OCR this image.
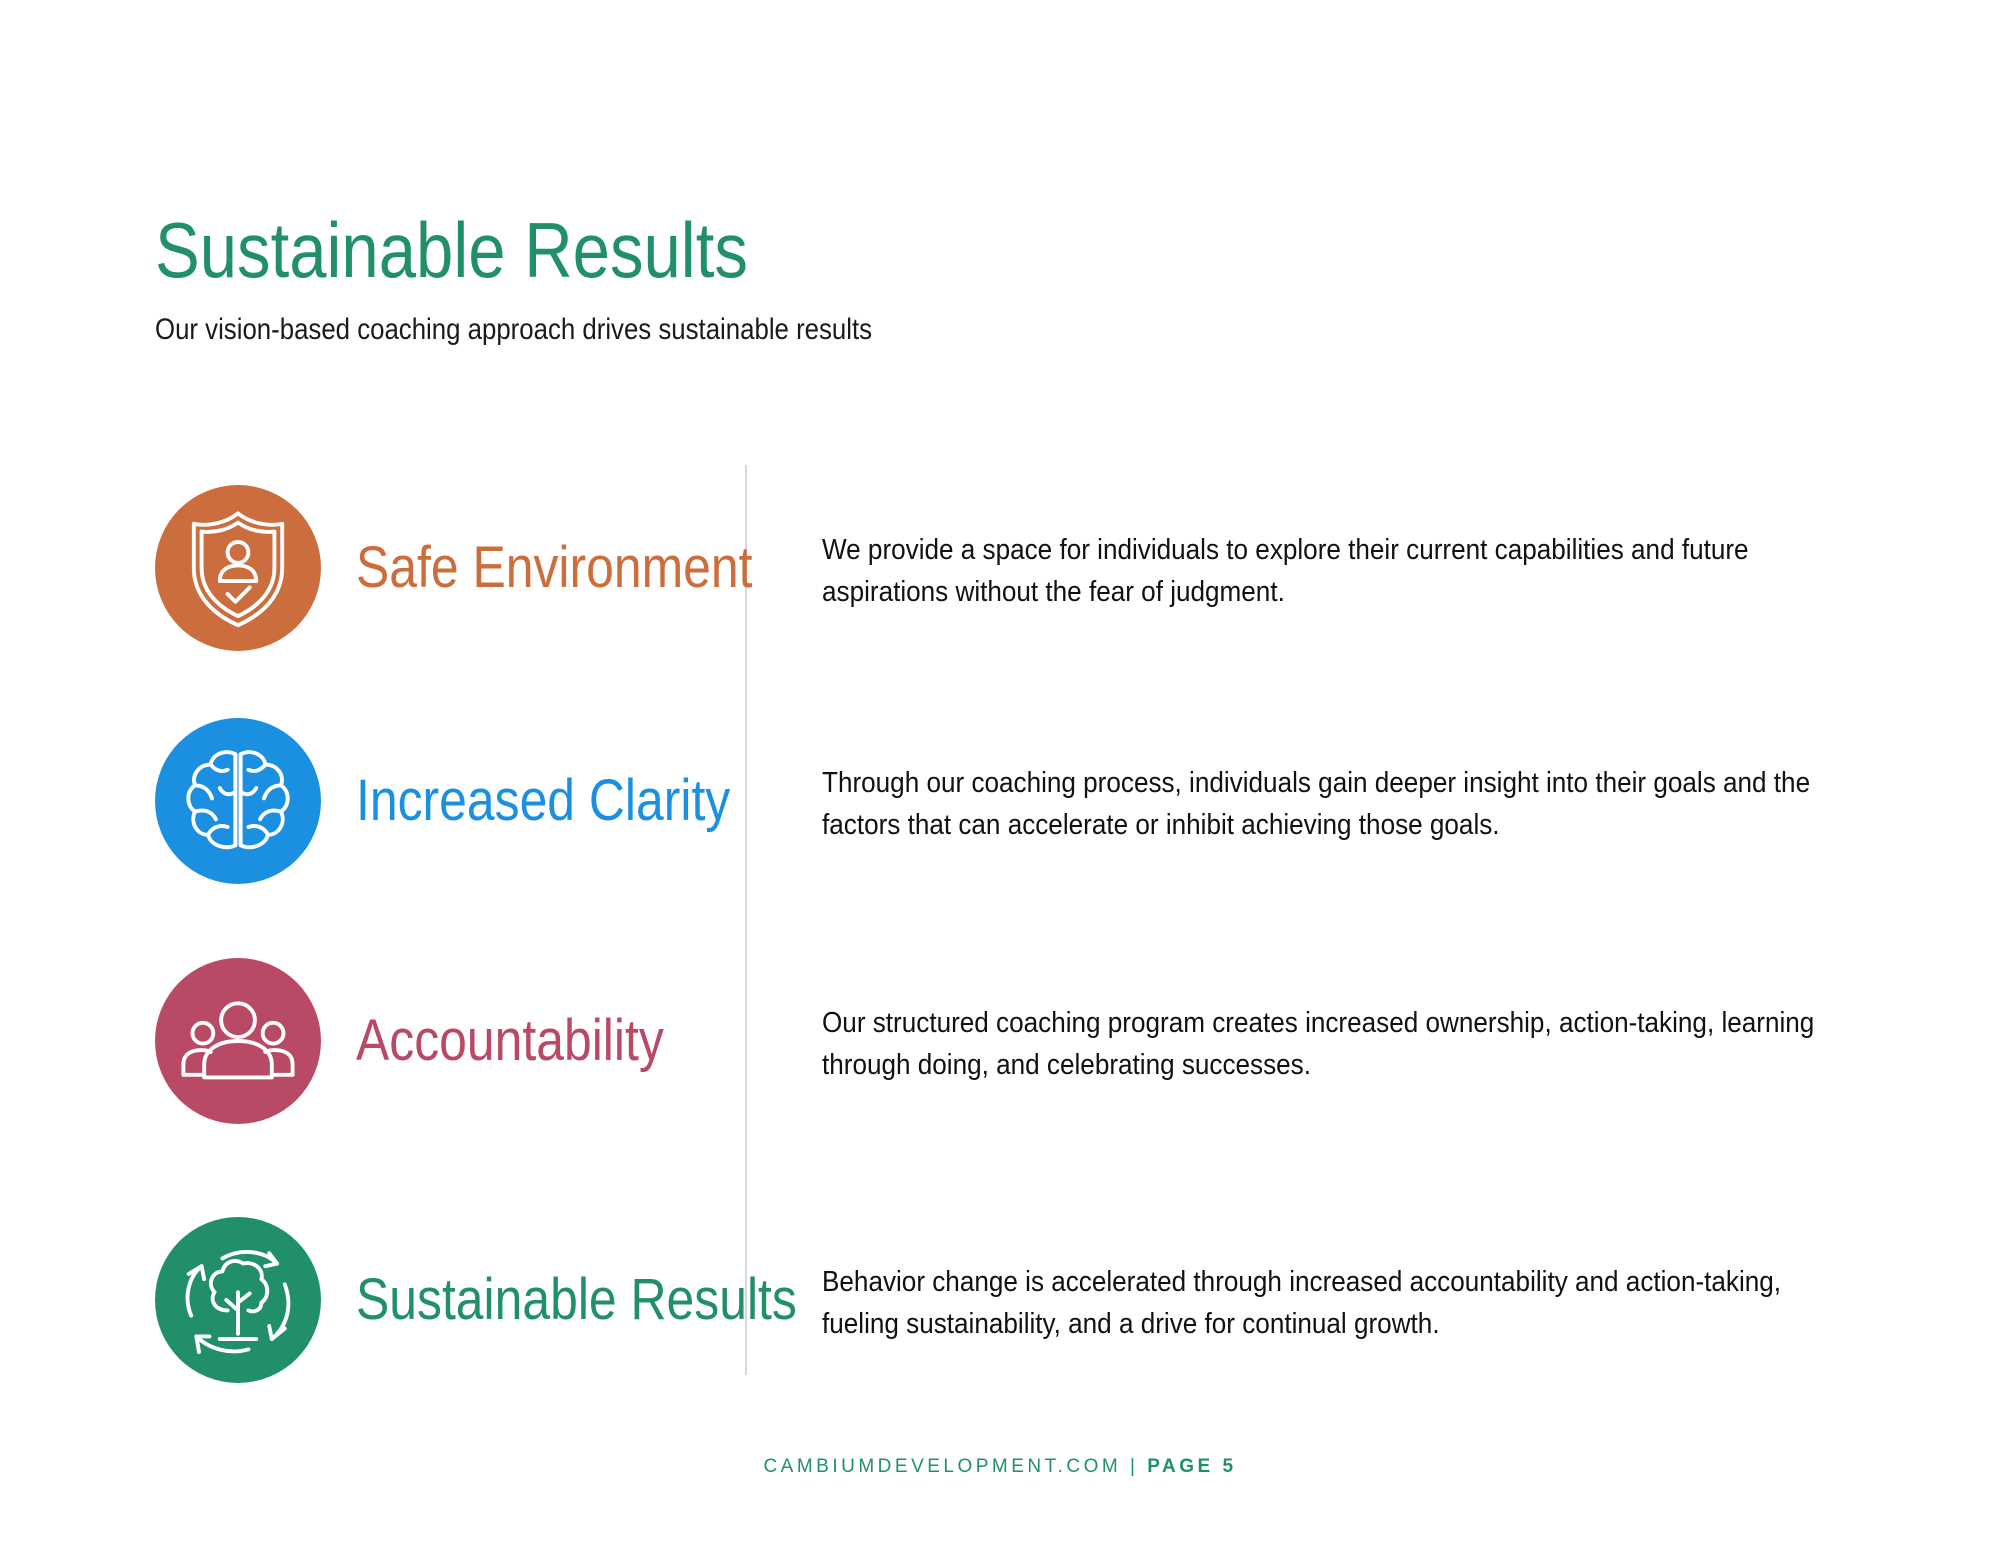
Sustainable Results
Our vision-based coaching approach drives sustainable results
Safe Environment We provide a space for individuals to explore their current capabilities and future
aspirations without the fear of judgment.
Increased Clarity	Through our coaching process, individuals gain deeper insight into their goals and the
factors that can accelerate or inhibit achieving those goals.
Accountability	Our structured coaching program creates increased ownership, action-taking, learning
through doing, and celebrating successes.
Sustainable Results Behavior change is accelerated through increased accountability and action-taking,
fueling sustainability, and a drive for continual growth.
CAMBIUMDEVELOPMENT.COM | PAGE 5
